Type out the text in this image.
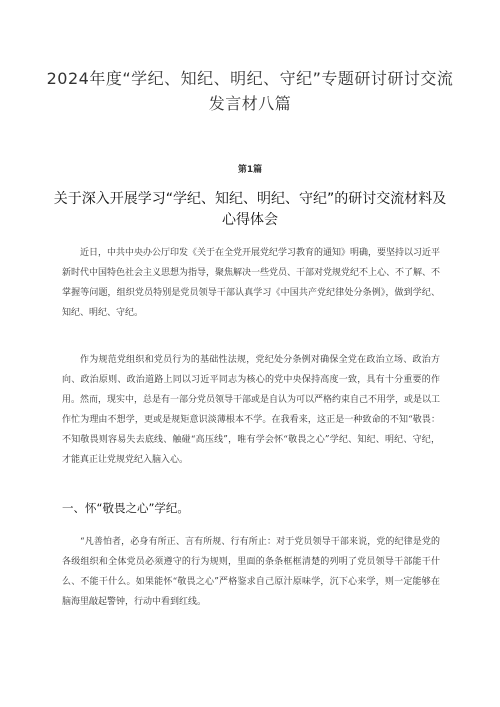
2024年度“学纪、知纪、明纪、守纪”专题研讨研讨交流发言材八篇
第1篇
关于深入开展学习“学纪、知纪、明纪、守纪”的研讨交流材料及心得体会

近日，中共中央办公厅印发《关于在全党开展党纪学习教育的通知》明确，要坚持以习近平新时代中国特色社会主义思想为指导，聚焦解决一些党员、干部对党规党纪不上心、不了解、不掌握等问题，组织党员特别是党员领导干部认真学习《中国共产党纪律处分条例》，做到学纪、知纪、明纪、守纪。

作为规范党组织和党员行为的基础性法规，党纪处分条例对确保全党在政治立场、政治方向、政治原则、政治道路上同以习近平同志为核心的党中央保持高度一致，具有十分重要的作用。然而，现实中，总是有一部分党员领导干部或是自认为可以严格约束自己不用学，或是以工作忙为理由不想学，更或是规矩意识淡薄根本不学。在我看来，这正是一种致命的不知“敬畏：不知敬畏则容易失去底线、触碰“高压线”，唯有学会怀“敬畏之心”学纪、知纪、明纪、守纪，才能真正让党规党纪入脑入心。

一、怀“敬畏之心”学纪。

“凡善怕者，必身有所正、言有所规、行有所止：对于党员领导干部来说，党的纪律是党的各级组织和全体党员必须遵守的行为规则，里面的条条框框清楚的列明了党员领导干部能干什么、不能干什么。如果能怀“敬畏之心”严格鉴求自己原汁原味学，沉下心来学，则一定能够在脑海里敲起警钟，行动中看到红线。
